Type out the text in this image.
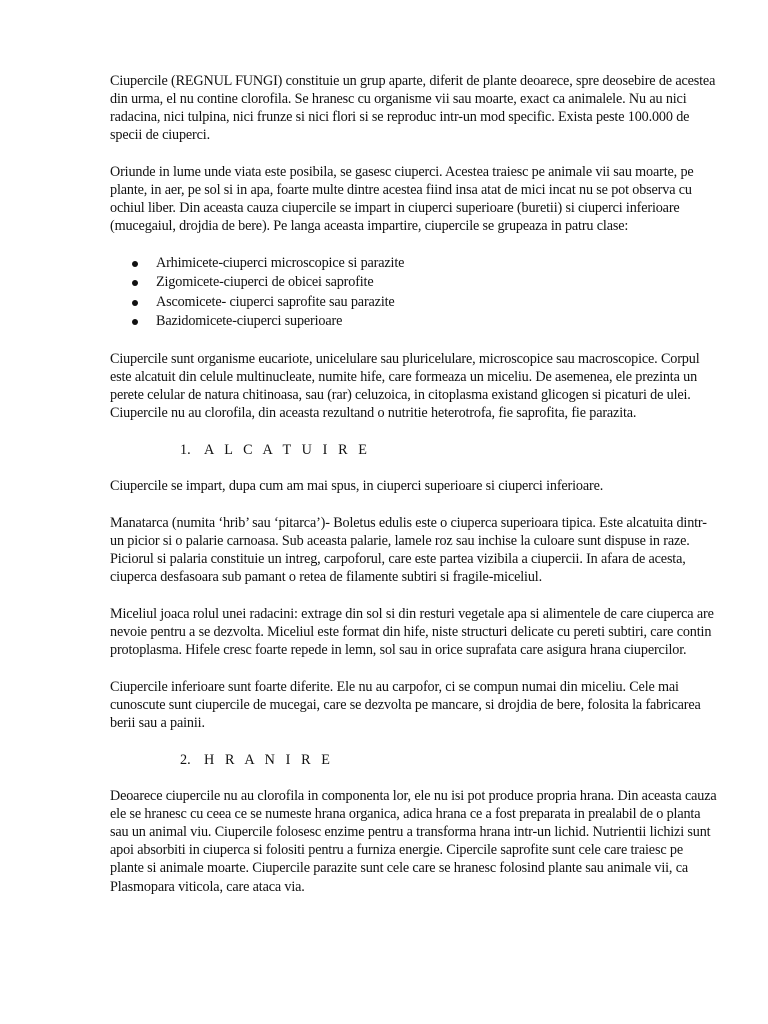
Ciupercile (REGNUL FUNGI) constituie un grup aparte, diferit de plante deoarece, spre deosebire de acestea din urma, el nu contine clorofila. Se hranesc cu organisme vii sau moarte, exact ca animalele. Nu au nici radacina, nici tulpina, nici frunze si nici flori si se reproduc intr-un mod specific. Exista peste 100.000 de specii de ciuperci.

Oriunde in lume unde viata este posibila, se gasesc ciuperci. Acestea traiesc pe animale vii sau moarte, pe plante, in aer, pe sol si in apa, foarte multe dintre acestea fiind insa atat de mici incat nu se pot observa cu ochiul liber. Din aceasta cauza ciupercile se impart in ciuperci superioare (buretii) si ciuperci inferioare (mucegaiul, drojdia de bere). Pe langa aceasta impartire, ciupercile se grupeaza in patru clase:

Arhimicete-ciuperci microscopice si parazite
Zigomicete-ciuperci de obicei saprofite
Ascomicete- ciuperci saprofite sau parazite
Bazidomicete-ciuperci superioare

Ciupercile sunt organisme eucariote, unicelulare sau pluricelulare, microscopice sau macroscopice. Corpul este alcatuit din celule multinucleate, numite hife, care formeaza un miceliu. De asemenea, ele prezinta un perete celular de natura chitinoasa, sau (rar) celuzoica, in citoplasma existand glicogen si picaturi de ulei. Ciupercile nu au clorofila, din aceasta rezultand o nutritie heterotrofa, fie saprofita, fie parazita.

1. A L C A T U I R E

Ciupercile se impart, dupa cum am mai spus, in ciuperci superioare si ciuperci inferioare.

Manatarca (numita ‘hrib’ sau ‘pitarca’)- Boletus edulis este o ciuperca superioara tipica. Este alcatuita dintr-un picior si o palarie carnoasa. Sub aceasta palarie, lamele roz sau inchise la culoare sunt dispuse in raze. Piciorul si palaria constituie un intreg, carpoforul, care este partea vizibila a ciupercii. In afara de acesta, ciuperca desfasoara sub pamant o retea de filamente subtiri si fragile-miceliul.

Miceliul joaca rolul unei radacini: extrage din sol si din resturi vegetale apa si alimentele de care ciuperca are nevoie pentru a se dezvolta. Miceliul este format din hife, niste structuri delicate cu pereti subtiri, care contin protoplasma. Hifele cresc foarte repede in lemn, sol sau in orice suprafata care asigura hrana ciupercilor.

Ciupercile inferioare sunt foarte diferite. Ele nu au carpofor, ci se compun numai din miceliu. Cele mai cunoscute sunt ciupercile de mucegai, care se dezvolta pe mancare, si drojdia de bere, folosita la fabricarea berii sau a painii.

2. H R A N I R E

Deoarece ciupercile nu au clorofila in componenta lor, ele nu isi pot produce propria hrana. Din aceasta cauza ele se hranesc cu ceea ce se numeste hrana organica, adica hrana ce a fost preparata in prealabil de o planta sau un animal viu. Ciupercile folosesc enzime pentru a transforma hrana intr-un lichid. Nutrientii lichizi sunt apoi absorbiti in ciuperca si folositi pentru a furniza energie. Cipercile saprofite sunt cele care traiesc pe plante si animale moarte. Ciupercile parazite sunt cele care se hranesc folosind plante sau animale vii, ca Plasmopara viticola, care ataca via.
